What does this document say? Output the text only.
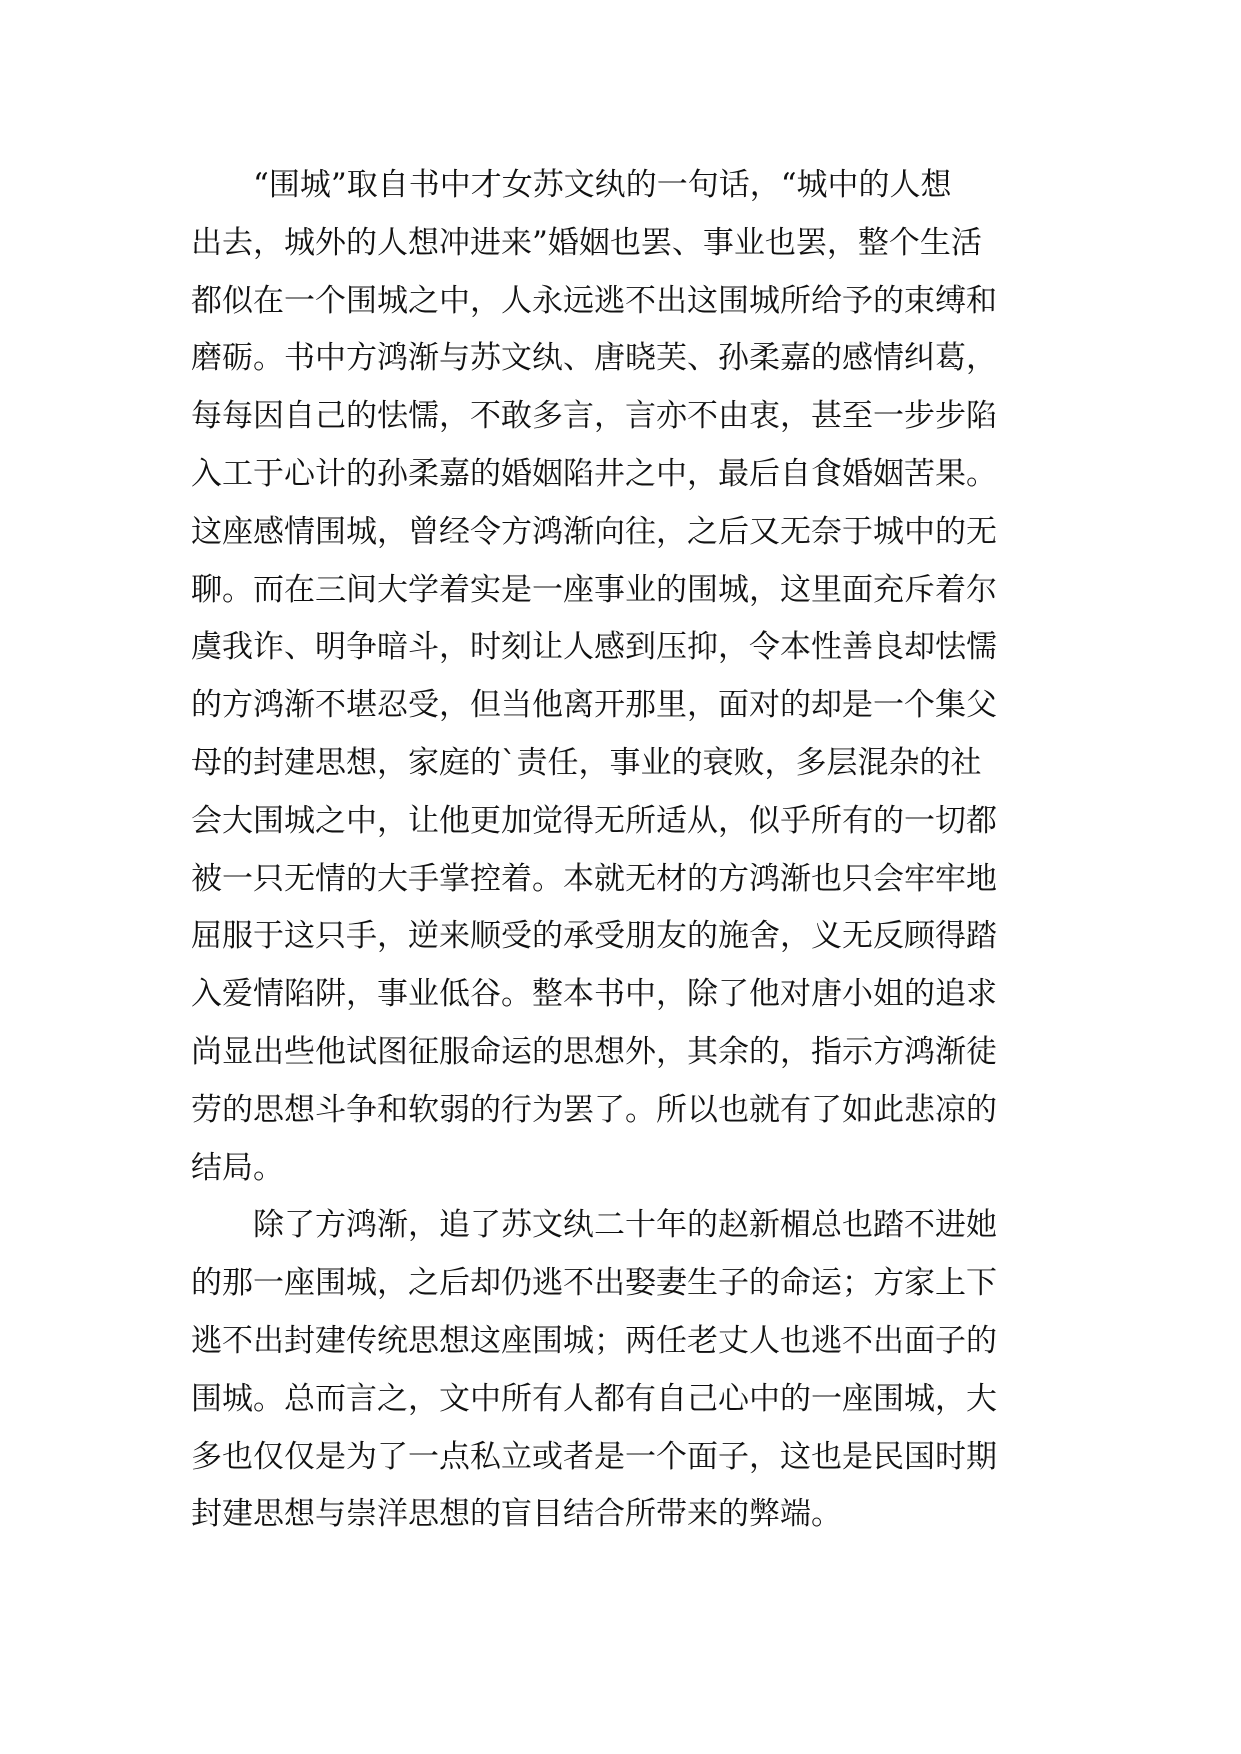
“围城”取自书中才女苏文纨的一句话，“城中的人想
出去，城外的人想冲进来”婚姻也罢、事业也罢，整个生活
都似在一个围城之中，人永远逃不出这围城所给予的束缚和
磨砺。书中方鸿渐与苏文纨、唐晓芙、孙柔嘉的感情纠葛，
每每因自己的怯懦，不敢多言，言亦不由衷，甚至一步步陷
入工于心计的孙柔嘉的婚姻陷井之中，最后自食婚姻苦果。
这座感情围城，曾经令方鸿渐向往，之后又无奈于城中的无
聊。而在三间大学着实是一座事业的围城，这里面充斥着尔
虞我诈、明争暗斗，时刻让人感到压抑，令本性善良却怯懦
的方鸿渐不堪忍受，但当他离开那里，面对的却是一个集父
母的封建思想，家庭的`责任，事业的衰败，多层混杂的社
会大围城之中，让他更加觉得无所适从，似乎所有的一切都
被一只无情的大手掌控着。本就无材的方鸿渐也只会牢牢地
屈服于这只手，逆来顺受的承受朋友的施舍，义无反顾得踏
入爱情陷阱，事业低谷。整本书中，除了他对唐小姐的追求
尚显出些他试图征服命运的思想外，其余的，指示方鸿渐徒
劳的思想斗争和软弱的行为罢了。所以也就有了如此悲凉的
结局。
除了方鸿渐，追了苏文纨二十年的赵新楣总也踏不进她
的那一座围城，之后却仍逃不出娶妻生子的命运；方家上下
逃不出封建传统思想这座围城；两任老丈人也逃不出面子的
围城。总而言之，文中所有人都有自己心中的一座围城，大
多也仅仅是为了一点私立或者是一个面子，这也是民国时期
封建思想与崇洋思想的盲目结合所带来的弊端。
